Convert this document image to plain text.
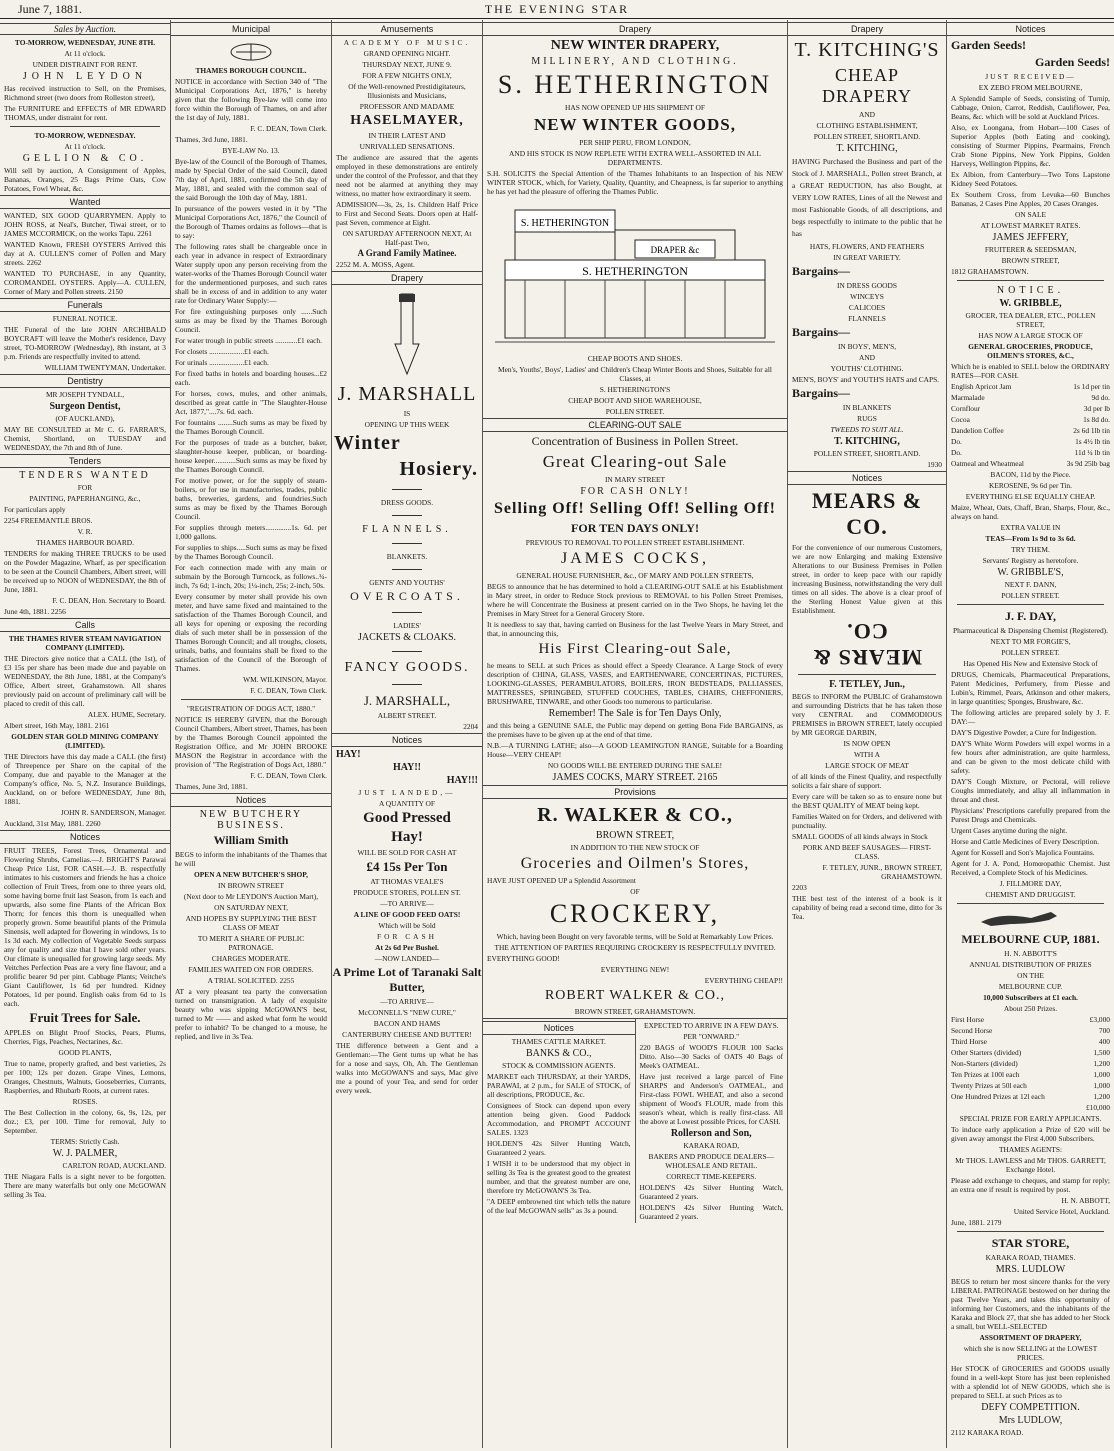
June 7, 1881.	THE EVENING STAR
Sales by Auction.
TO-MORROW, WEDNESDAY, JUNE 8TH.
At 11 o'clock.
UNDER DISTRAINT FOR RENT.
JOHN LEYDON
Has received instruction to Sell, on the Premises, Richmond street (two doors from Rolleston street),
The FURNITURE and EFFECTS of MR EDWARD THOMAS, under distraint for rent.
TO-MORROW, WEDNESDAY.
At 11 o'clock.
GELLION & CO.
Will sell by auction, A Consignment of Apples, Bananas, Oranges, 25 Bags Prime Oats, Cow Potatoes, Fowl Wheat, &c.
Wanted
WANTED, SIX GOOD QUARRYMEN. Apply to JOHN ROSS, at Neal's, Butcher, Tiwai street, or to JAMES MCCORMICK, on the works Tapu. 2261
WANTED Known, FRESH OYSTERS Arrived this day at A. CULLEN'S corner of Pollen and Mary streets. 2262
WANTED TO PURCHASE, in any Quantity, COROMANDEL OYSTERS. Apply—A. CULLEN, Corner of Mary and Pollen streets. 2150
Funerals
FUNERAL NOTICE.
THE Funeral of the late JOHN ARCHIBALD BOYCRAFT will leave the Mother's residence, Davy street, TO-MORROW (Wednesday), 8th instant, at 3 p.m. Friends are respectfully invited to attend.
WILLIAM TWENTYMAN, Undertaker.
Dentistry
MR JOSEPH TYNDALL,
Surgeon Dentist,
(OF AUCKLAND),
MAY BE CONSULTED at Mr C. G. FARRAR'S, Chemist, Shortland, on TUESDAY and WEDNESDAY, the 7th and 8th of June.
Tenders
TENDERS WANTED
FOR
PAINTING, PAPERHANGING, &c.,
For particulars apply
2254 FREEMANTLE BROS.
V. R.
THAMES HARBOUR BOARD.
TENDERS for making THREE TRUCKS to be used on the Powder Magazine, Wharf, as per specification to be seen at the Council Chambers, Albert street, will be received up to NOON of WEDNESDAY, the 8th of June, 1881.
F. C. DEAN, Hon. Secretary to Board.
June 4th, 1881. 2256
Calls
THE THAMES RIVER STEAM NAVIGATION COMPANY (LIMITED).
THE Directors give notice that a CALL (the 1st), of £3 15s per share has been made due and payable on WEDNESDAY, the 8th June, 1881, at the Company's Office, Albert street, Grahamstown. All shares previously paid on account of preliminary call will be placed to credit of this call.
ALEX. HUME, Secretary.
Albert street, 16th May, 1881. 2161
GOLDEN STAR GOLD MINING COMPANY (LIMITED).
THE Directors have this day made a CALL (the first) of Threepence per Share on the capital of the Company, due and payable to the Manager at the Company's office, No. 5, N.Z. Insurance Buildings, Auckland, on or before WEDNESDAY, June 8th, 1881.
JOHN R. SANDERSON, Manager.
Auckland, 31st May, 1881. 2260
Notices
FRUIT TREES, Forest Trees, Ornamental and Flowering Shrubs, Camelias.—J. BRIGHT'S Parawai Cheap Price List, FOR CASH.—J. B. respectfully intimates to his customers and friends he has a choice collection of Fruit Trees, from one to three years old, some having borne fruit last Season, from 1s each and upwards, also some fine Plants of the African Box Thorn; for fences this thorn is unequalled when properly grown. Some beautiful plants of the Primula Sinensis, well adapted for flowering in windows, 1s to 1s 3d each. My collection of Vegetable Seeds surpass any for quality and size that I have sold other years. Our climate is unequalled for growing large seeds. My Veitches Perfection Peas are a very fine flavour, and a prolific bearer 9d per pint. Cabbage Plants; Veitche's Giant Cauliflower, 1s 6d per hundred. Kidney Potatoes, 1d per pound. English oaks from 6d to 1s each.
Fruit Trees for Sale.
APPLES on Blight Proof Stocks, Pears, Plums, Cherries, Figs, Peaches, Nectarines, &c.
GOOD PLANTS,
True to name, properly grafted, and best varieties, 2s per 100; 12s per dozen. Grape Vines, Lemons, Oranges, Chestnuts, Walnuts, Gooseberries, Currants, Raspberries, and Rhubarb Roots, at current rates.
ROSES.
The Best Collection in the colony, 6s, 9s, 12s, per doz.; £3, per 100. Time for removal, July to September.
TERMS: Strictly Cash.
W. J. PALMER,
CARLTON ROAD, AUCKLAND.
THE Niagara Falls is a sight never to be forgotten. There are many waterfalls but only one McGOWAN selling 3s Tea.
Municipal
THAMES BOROUGH COUNCIL.
NOTICE in accordance with Section 340 of "The Municipal Corporations Act, 1876," is hereby given that the following Bye-law will come into force within the Borough of Thames, on and after the 1st day of July, 1881.
F. C. DEAN, Town Clerk.
Thames, 3rd June, 1881.
BYE-LAW No. 13.
Bye-law of the Council of the Borough of Thames, made by Special Order of the said Council, dated 7th day of April, 1881, confirmed the 5th day of May, 1881, and sealed with the common seal of the said Borough the 10th day of May, 1881.
In pursuance of the powers vested in it by "The Municipal Corporations Act, 1876," the Council of the Borough of Thames ordains as follows—that is to say:
The following rates shall be chargeable once in each year in advance in respect of Extraordinary Water supply upon any person receiving from the water-works of the Thames Borough Council water for the undermentioned purposes, and such rates shall be in excess of and in addition to any water rate for Ordinary Water Supply:—
For fire extinguishing purposes only ......Such sums as may be fixed by the Thames Borough Council.
For water trough in public streets ............£1 each.
For closets ...................£1 each.
For urinals ...................£1 each.
For fixed baths in hotels and boarding houses...£2 each.
For horses, cows, mules, and other animals, described as great cattle in "The Slaughter-House Act, 1877,"....7s. 6d. each.
For fountains ........Such sums as may be fixed by the Thames Borough Council.
For the purposes of trade as a butcher, baker, slaughter-house keeper, publican, or boarding-house keeper............Such sums as may be fixed by the Thames Borough Council.
For motive power, or for the supply of steam-boilers, or for use in manufactories, trades, public baths, breweries, gardens, and foundries.Such sums as may be fixed by the Thames Borough Council.
For supplies through meters..............1s. 6d. per 1,000 gallons.
For supplies to ships.....Such sums as may be fixed by the Thames Borough Council.
For each connection made with any main or submain by the Borough Turncock, as follows..¾-inch, 7s 6d; 1-inch, 20s; 1¼-inch, 25s; 2-inch, 50s.
Every consumer by meter shall provide his own meter, and have same fixed and maintained to the satisfaction of the Thames Borough Council, and all keys for opening or exposing the recording dials of such meter shall be in possession of the Thames Borough Council; and all troughs, closets, urinals, baths, and fountains shall be fixed to the satisfaction of the Council of the Borough of Thames.
WM. WILKINSON, Mayor.
F. C. DEAN, Town Clerk.
"REGISTRATION OF DOGS ACT, 1880."
NOTICE IS HEREBY GIVEN, that the Borough Council Chambers, Albert street, Thames, has been by the Thames Borough Council appointed the Registration Office, and Mr JOHN BROOKE MASON the Registrar in accordance with the provision of "The Registration of Dogs Act, 1880."
F. C. DEAN, Town Clerk.
Thames, June 3rd, 1881.
Notices
NEW BUTCHERY BUSINESS.
William Smith
BEGS to inform the inhabitants of the Thames that he will
OPEN A NEW BUTCHER'S SHOP,
IN BROWN STREET
(Next door to Mr LEYDON'S Auction Mart),
ON SATURDAY NEXT,
AND HOPES BY SUPPLYING THE BEST CLASS OF MEAT
TO MERIT A SHARE OF PUBLIC PATRONAGE.
CHARGES MODERATE.
FAMILIES WAITED ON FOR ORDERS.
A TRIAL SOLICITED. 2255
AT a very pleasant tea party the conversation turned on transmigration. A lady of exquisite beauty who was sipping McGOWAN'S best, turned to Mr —— and asked what form he would prefer to inhabit? To be changed to a mouse, he replied, and live in 3s Tea.
Amusements
ACADEMY OF MUSIC.
GRAND OPENING NIGHT.
THURSDAY NEXT, JUNE 9.
FOR A FEW NIGHTS ONLY,
Of the Well-renowned Prestidigitateurs, Illusionists and Musicians,
PROFESSOR AND MADAME
HASELMAYER,
IN THEIR LATEST AND
UNRIVALLED SENSATIONS.
The audience are assured that the agents employed in these demonstrations are entirely under the control of the Professor, and that they need not be alarmed at anything they may witness, no matter how extraordinary it seem.
ADMISSION—3s, 2s, 1s. Children Half Price to First and Second Seats. Doors open at Half-past Seven, commence at Eight.
ON SATURDAY AFTERNOON NEXT, At Half-past Two,
A Grand Family Matinee.
2252 M. A. MOSS, Agent.
Drapery
J. MARSHALL
IS
OPENING UP THIS WEEK
Winter
Hosiery.
DRESS GOODS.
FLANNELS.
BLANKETS.
GENTS' AND YOUTHS'
OVERCOATS.
LADIES'
JACKETS & CLOAKS.
FANCY GOODS.
J. MARSHALL,
ALBERT STREET.
2204
Notices
HAY!
HAY!!
HAY!!!
JUST LANDED,—
A QUANTITY OF
Good Pressed
Hay!
WILL BE SOLD FOR CASH AT
£4 15s Per Ton
AT THOMAS VEALE'S
PRODUCE STORES, POLLEN ST.
—TO ARRIVE—
A LINE OF GOOD FEED OATS!
Which will be Sold
FOR CASH
At 2s 6d Per Bushel.
—NOW LANDED—
A Prime Lot of Taranaki Salt Butter,
—TO ARRIVE—
McCONNELL'S "NEW CURE,"
BACON AND HAMS
CANTERBURY CHEESE AND BUTTER!
THE difference between a Gent and a Gentleman:—The Gent turns up what he has for a nose and says, Oh, Ah. The Gentleman walks into McGOWAN'S and says, Mac give me a pound of your Tea, and send for order every week.
Drapery
NEW WINTER DRAPERY,
MILLINERY, AND CLOTHING.
S. HETHERINGTON
HAS NOW OPENED UP HIS SHIPMENT OF
NEW WINTER GOODS,
PER SHIP PERU, FROM LONDON,
AND HIS STOCK IS NOW REPLETE WITH EXTRA WELL-ASSORTED IN ALL DEPARTMENTS.
S.H. SOLICITS the Special Attention of the Thames Inhabitants to an Inspection of his NEW WINTER STOCK, which, for Variety, Quality, Quantity, and Cheapness, is far superior to anything he has yet had the pleasure of offering the Thames Public.
S. HETHERINGTON
DRAPER &c
S. HETHERINGTON
CHEAP BOOTS AND SHOES.
Men's, Youths', Boys', Ladies' and Children's Cheap Winter Boots and Shoes, Suitable for all Classes, at
S. HETHERINGTON'S
CHEAP BOOT AND SHOE WAREHOUSE,
POLLEN STREET.
CLEARING-OUT SALE
Concentration of Business in Pollen Street.
Great Clearing-out Sale
IN MARY STREET
FOR CASH ONLY!
Selling Off! Selling Off! Selling Off!
FOR TEN DAYS ONLY!
PREVIOUS TO REMOVAL TO POLLEN STREET ESTABLISHMENT.
JAMES COCKS,
GENERAL HOUSE FURNISHER, &c., OF MARY AND POLLEN STREETS,
BEGS to announce that he has determined to hold a CLEARING-OUT SALE at his Establishment in Mary street, in order to Reduce Stock previous to REMOVAL to his Pollen Street Premises, where he will Concentrate the Business at present carried on in the Two Shops, he having let the Premises in Mary Street for a General Grocery Store.
It is needless to say that, having carried on Business for the last Twelve Years in Mary Street, and that, in announcing this,
His First Clearing-out Sale,
he means to SELL at such Prices as should effect a Speedy Clearance. A Large Stock of every description of CHINA, GLASS, VASES, and EARTHENWARE, CONCERTINAS, PICTURES, LOOKING-GLASSES, PERAMBULATORS, BOILERS, IRON BEDSTEADS, PALLIASSES, MATTRESSES, SPRINGBED, STUFFED COUCHES, TABLES, CHAIRS, CHEFFONIERS, BRUSHWARE, TINWARE, and other Goods too numerous to particularise.
Remember! The Sale is for Ten Days Only,
and this being a GENUINE SALE, the Public may depend on getting Bona Fide BARGAINS, as the premises have to be given up at the end of that time.
N.B.—A TURNING LATHE; also—A GOOD LEAMINGTON RANGE, Suitable for a Boarding House—VERY CHEAP!
NO GOODS WILL BE ENTERED DURING THE SALE!
JAMES COCKS, MARY STREET. 2165
Provisions
R. WALKER & CO.,
BROWN STREET,
IN ADDITION TO THE NEW STOCK OF
Groceries and Oilmen's Stores,
HAVE JUST OPENED UP a Splendid Assortment
OF
CROCKERY,
Which, having been Bought on very favorable terms, will be Sold at Remarkably Low Prices.
THE ATTENTION OF PARTIES REQUIRING CROCKERY IS RESPECTFULLY INVITED.
EVERYTHING GOOD!
EVERYTHING NEW!
EVERYTHING CHEAP!!
ROBERT WALKER & CO.,
BROWN STREET, GRAHAMSTOWN.
Notices
THAMES CATTLE MARKET.
BANKS & CO.,
STOCK & COMMISSION AGENTS.
MARKET each THURSDAY, at their YARDS, PARAWAI, at 2 p.m., for SALE of STOCK, of all descriptions, PRODUCE, &c.
Consignees of Stock can depend upon every attention being given. Good Paddock Accommodation, and PROMPT ACCOUNT SALES. 1323
HOLDEN'S 42s Silver Hunting Watch, Guaranteed 2 years.
I WISH it to be understood that my object in selling 3s Tea is the greatest good to the greatest number, and that the greatest number are one, therefore try McGOWAN'S 3s Tea.
"A DEEP embrowned tint which tells the nature of the leaf McGOWAN sells" as 3s a pound.
EXPECTED TO ARRIVE IN A FEW DAYS.
PER "ONWARD."
220 BAGS of WOOD'S FLOUR 100 Sacks Ditto. Also—30 Sacks of OATS 40 Bags of Meek's OATMEAL.
Have just received a large parcel of Fine SHARPS and Anderson's OATMEAL, and First-class FOWL WHEAT, and also a second shipment of Wood's FLOUR, made from this season's wheat, which is really first-class. All the above at Lowest possible Prices, for CASH.
Rollerson and Son,
KARAKA ROAD,
BAKERS AND PRODUCE DEALERS— WHOLESALE AND RETAIL.
CORRECT TIME-KEEPERS.
HOLDEN'S 42s Silver Hunting Watch, Guaranteed 2 years.
HOLDEN'S 42s Silver Hunting Watch, Guaranteed 2 years.
Drapery
T. KITCHING'S
CHEAP DRAPERY
AND
CLOTHING ESTABLISHMENT,
POLLEN STREET, SHORTLAND.
T. KITCHING,
HAVING Purchased the Business and part of the Stock of J. MARSHALL, Pollen street Branch, at a GREAT REDUCTION, has also Bought, at VERY LOW RATES, Lines of all the Newest and most Fashionable Goods, of all descriptions, and begs respectfully to intimate to the public that he has
HATS, FLOWERS, AND FEATHERS
IN GREAT VARIETY.
Bargains—
IN DRESS GOODS
WINCEYS
CALICOES
FLANNELS
Bargains—
IN BOYS', MEN'S,
AND
YOUTHS' CLOTHING.
MEN'S, BOYS' and YOUTH'S HATS and CAPS.
Bargains—
IN BLANKETS
RUGS
TWEEDS TO SUIT ALL.
T. KITCHING,
POLLEN STREET, SHORTLAND.
1930
Notices
MEARS & CO.
For the convenience of our numerous Customers, we are now Enlarging and making Extensive Alterations to our Business Premises in Pollen street, in order to keep pace with our rapidly increasing Business, notwithstanding the very dull times on all sides. The above is a clear proof of the Sterling Honest Value given at this Establishment.
MEARS & CO.
F. TETLEY, Jun.,
BEGS to INFORM the PUBLIC of Grahamstown and surrounding Districts that he has taken those very CENTRAL and COMMODIOUS PREMISES in BROWN STREET, lately occupied by MR GEORGE DARBIN,
IS NOW OPEN
WITH A
LARGE STOCK OF MEAT
of all kinds of the Finest Quality, and respectfully solicits a fair share of support.
Every care will be taken so as to ensure none but the BEST QUALITY of MEAT being kept.
Families Waited on for Orders, and delivered with punctuality.
SMALL GOODS of all kinds always in Stock
PORK AND BEEF SAUSAGES— FIRST-CLASS.
F. TETLEY, JUNR., BROWN STREET, GRAHAMSTOWN.
2203
THE best test of the interest of a book is it capability of being read a second time, ditto for 3s Tea.
Notices
Garden Seeds!
Garden Seeds!
JUST RECEIVED—
EX ZEBO FROM MELBOURNE,
A Splendid Sample of Seeds, consisting of Turnip, Cabbage, Onion, Carrot, Reddish, Cauliflower, Pea, Beans, &c. which will be sold at Auckland Prices.
Also, ex Loongana, from Hobart—100 Cases of Superior Apples (both Eating and cooking), consisting of Sturmer Pippins, Pearmains, French Crab Stone Pippins, New York Pippins, Golden Harveys, Wellington Pippins, &c.
Ex Albion, from Canterbury—Two Tons Lapstone Kidney Seed Potatoes.
Ex Southern Cross, from Levuka—60 Bunches Bananas, 2 Cases Pine Apples, 20 Cases Oranges.
ON SALE
AT LOWEST MARKET RATES.
JAMES JEFFERY,
FRUITERER & SEEDSMAN,
BROWN STREET,
1812 GRAHAMSTOWN.
NOTICE.
W. GRIBBLE,
GROCER, TEA DEALER, ETC., POLLEN STREET,
HAS NOW A LARGE STOCK OF
GENERAL GROCERIES, PRODUCE, OILMEN'S STORES, &C.,
Which he is enabled to SELL below the ORDINARY RATES—FOR CASH.
English Apricot Jam	1s 1d per tin
Marmalade	9d do.
Cornflour	3d per lb
Cocoa	1s 8d do.
Dandelion Coffee	2s 6d 1lb tin
Do.	1s 4½ lb tin
Do.	11d ¼ lb tin
Oatmeal and Wheatmeal	3s 9d 25lb bag
BACON, 11d by the Piece.
KEROSENE, 9s 6d per Tin.
EVERYTHING ELSE EQUALLY CHEAP.
Maize, Wheat, Oats, Chaff, Bran, Sharps, Flour, &c., always on hand.
EXTRA VALUE IN
TEAS—From 1s 9d to 3s 6d.
TRY THEM.
Servants' Registry as heretofore.
W. GRIBBLE'S,
NEXT F. DANN,
POLLEN STREET.
J. F. DAY,
Pharmaceutical & Dispensing Chemist (Registered).
NEXT TO MR FORGIE'S,
POLLEN STREET.
Has Opened His New and Extensive Stock of
DRUGS, Chemicals, Pharmaceutical Preparations, Patent Medicines, Perfumery, from Piesse and Lubin's, Rimmel, Pears, Atkinson and other makers, in large quantities; Sponges, Brushware, &c.
The following articles are prepared solely by J. F. DAY:—
DAY'S Digestive Powder, a Cure for Indigestion.
DAY'S White Worm Powders will expel worms in a few hours after administration, are quite harmless, and can be given to the most delicate child with safety.
DAY'S Cough Mixture, or Pectoral, will relieve Coughs immediately, and allay all inflammation in throat and chest.
Physicians' Prescriptions carefully prepared from the Purest Drugs and Chemicals.
Urgent Cases anytime during the night.
Horse and Cattle Medicines of Every Description.
Agent for Kossell and Son's Majolica Fountains.
Agent for J. A. Pond, Homœopathic Chemist. Just Received, a Complete Stock of his Medicines.
J. FILLMORE DAY,
CHEMIST AND DRUGGIST.
MELBOURNE CUP, 1881.
H. N. ABBOTT'S
ANNUAL DISTRIBUTION OF PRIZES
ON THE
MELBOURNE CUP.
10,000 Subscribers at £1 each.
About 250 Prizes.
First Horse	£3,000
Second Horse	700
Third Horse	400
Other Starters (divided)	1,500
Non-Starters (divided)	1,200
Ten Prizes at 100l each	1,000
Twenty Prizes at 50l each	1,000
One Hundred Prizes at 12l each	1,200
£10,000
SPECIAL PRIZE FOR EARLY APPLICANTS.
To induce early application a Prize of £20 will be given away amongst the First 4,000 Subscribers.
THAMES AGENTS:
Mr THOS. LAWLESS and Mr THOS. GARRETT, Exchange Hotel.
Please add exchange to cheques, and stamp for reply; an extra one if result is required by post.
H. N. ABBOTT,
United Service Hotel, Auckland.
June, 1881. 2179
STAR STORE,
KARAKA ROAD, THAMES.
MRS. LUDLOW
BEGS to return her most sincere thanks for the very LIBERAL PATRONAGE bestowed on her during the past Twelve Years, and takes this opportunity of informing her Customers, and the inhabitants of the Karaka and Block 27, that she has added to her Stock a small, but WELL-SELECTED
ASSORTMENT OF DRAPERY,
which she is now SELLING at the LOWEST PRICES.
Her STOCK of GROCERIES and GOODS usually found in a well-kept Store has just been replenished with a splendid lot of NEW GOODS, which she is prepared to SELL at such Prices as to
DEFY COMPETITION.
Mrs LUDLOW,
2112 KARAKA ROAD.
